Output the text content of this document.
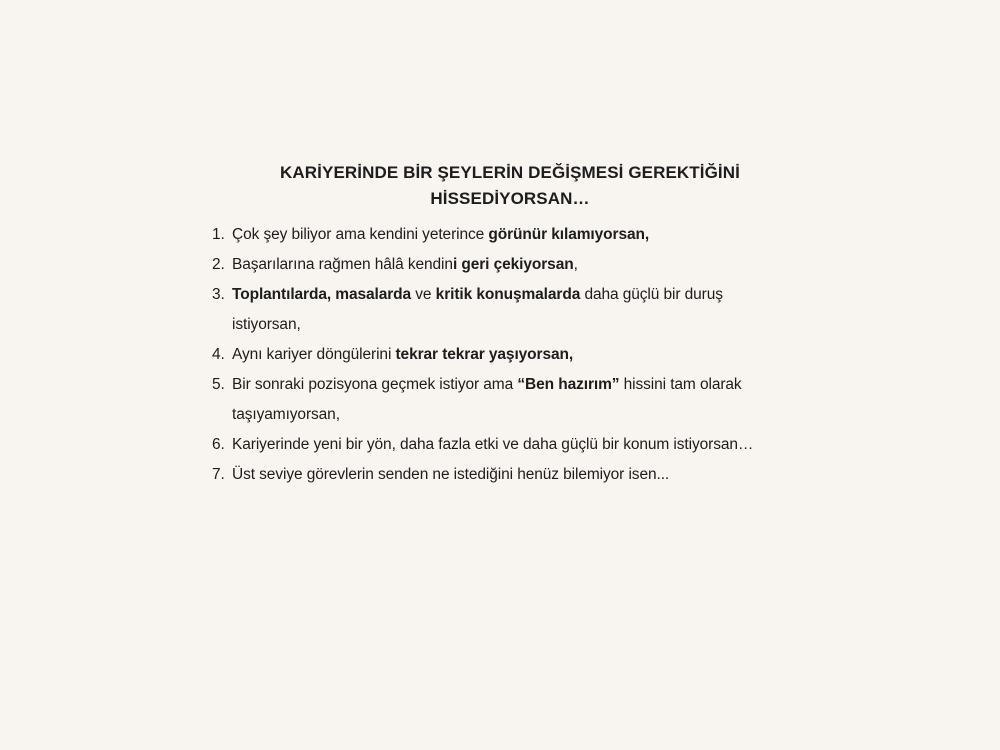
KARİYERİNDE BİR ŞEYLERİN DEĞİŞMESİ GEREKTİĞİNİ HİSSEDİYORSAN…
1. Çok şey biliyor ama kendini yeterince görünür kılamıyorsan,
2. Başarılarına rağmen hâlâ kendini geri çekiyorsan,
3. Toplantılarda, masalarda ve kritik konuşmalarda daha güçlü bir duruş istiyorsan,
4. Aynı kariyer döngülerini tekrar tekrar yaşıyorsan,
5. Bir sonraki pozisyona geçmek istiyor ama “Ben hazırım” hissini tam olarak taşıyamıyorsan,
6. Kariyerinde yeni bir yön, daha fazla etki ve daha güçlü bir konum istiyorsan…
7. Üst seviye görevlerin senden ne istediğini henüz bilemiyor isen...
